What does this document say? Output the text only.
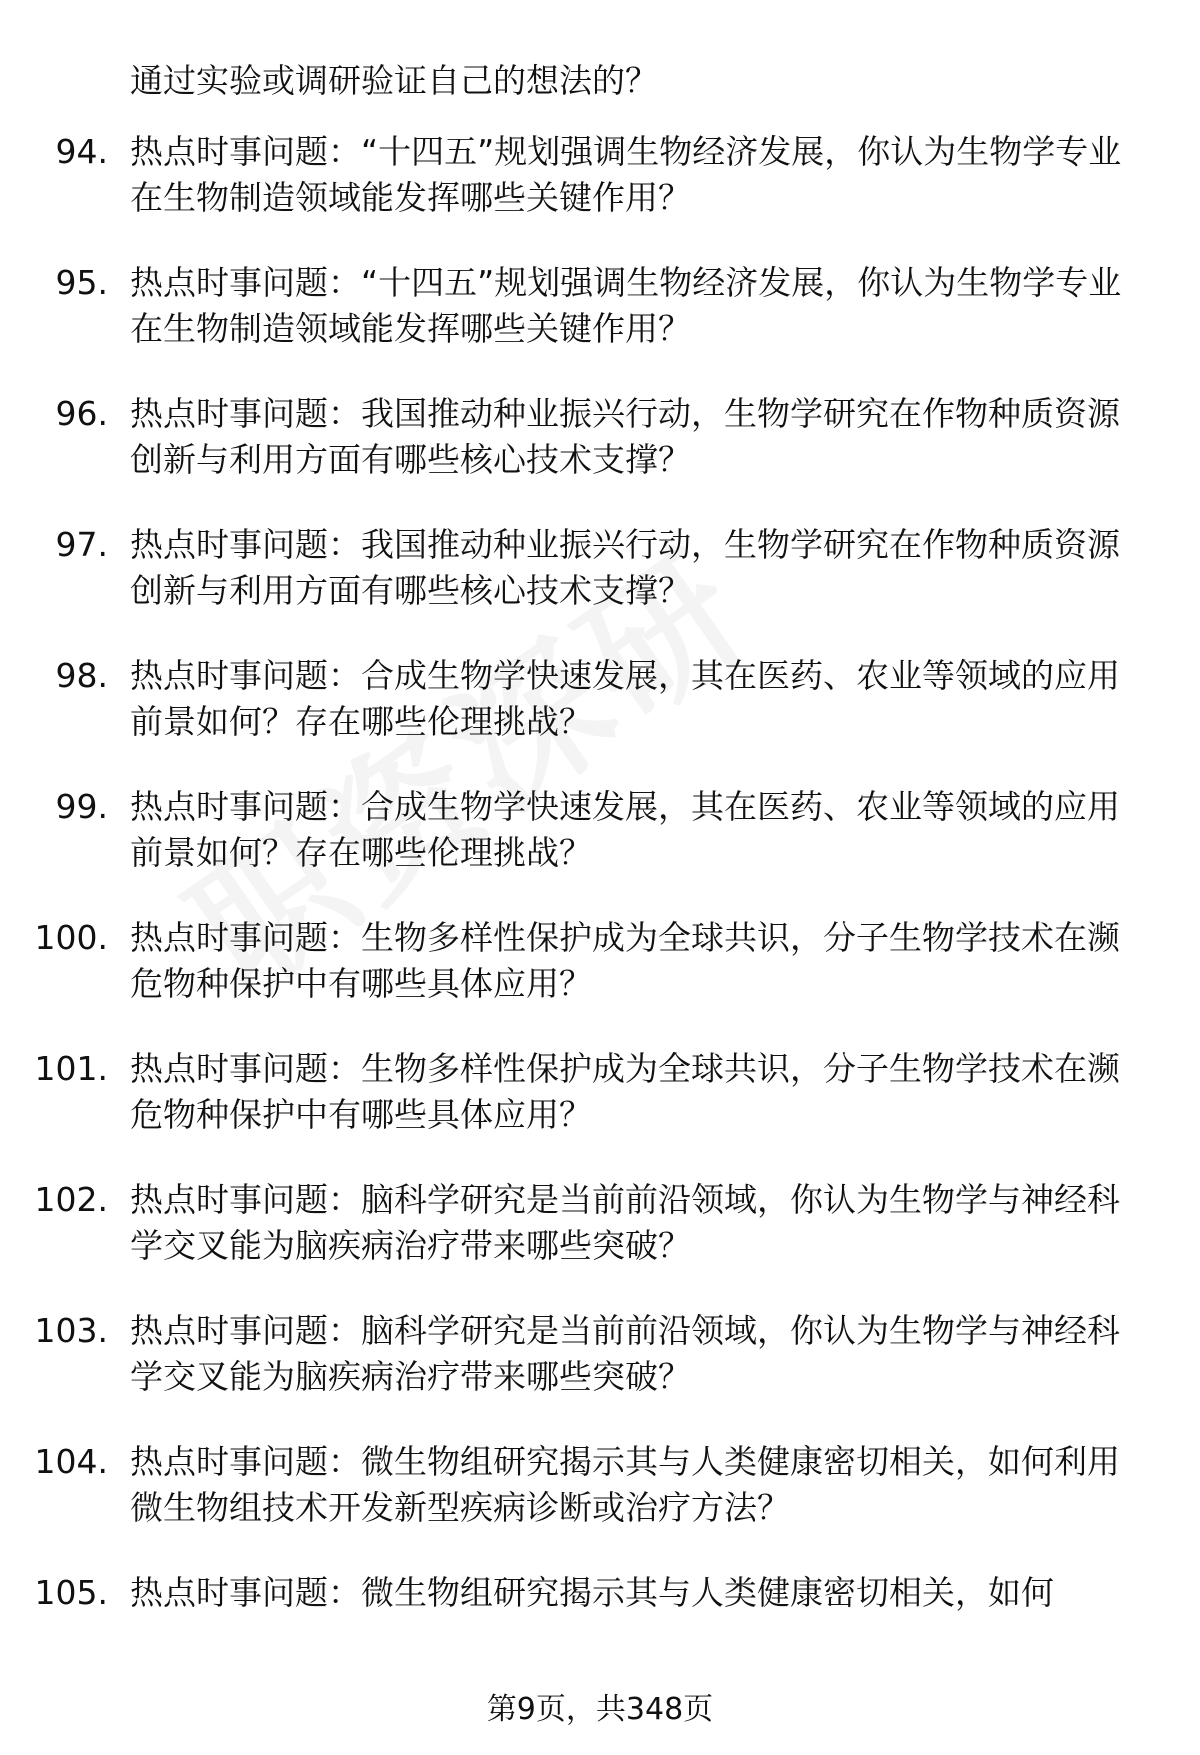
通过实验或调研验证自己的想法的？
94. 热点时事问题：“十四五”规划强调生物经济发展，你认为生物学专业在生物制造领域能发挥哪些关键作用？
95. 热点时事问题：“十四五”规划强调生物经济发展，你认为生物学专业在生物制造领域能发挥哪些关键作用？
96. 热点时事问题：我国推动种业振兴行动，生物学研究在作物种质资源创新与利用方面有哪些核心技术支撑？
97. 热点时事问题：我国推动种业振兴行动，生物学研究在作物种质资源创新与利用方面有哪些核心技术支撑？
98. 热点时事问题：合成生物学快速发展，其在医药、农业等领域的应用前景如何？存在哪些伦理挑战？
99. 热点时事问题：合成生物学快速发展，其在医药、农业等领域的应用前景如何？存在哪些伦理挑战？
100. 热点时事问题：生物多样性保护成为全球共识，分子生物学技术在濒危物种保护中有哪些具体应用？
101. 热点时事问题：生物多样性保护成为全球共识，分子生物学技术在濒危物种保护中有哪些具体应用？
102. 热点时事问题：脑科学研究是当前前沿领域，你认为生物学与神经科学交叉能为脑疾病治疗带来哪些突破？
103. 热点时事问题：脑科学研究是当前前沿领域，你认为生物学与神经科学交叉能为脑疾病治疗带来哪些突破？
104. 热点时事问题：微生物组研究揭示其与人类健康密切相关，如何利用微生物组技术开发新型疾病诊断或治疗方法？
105. 热点时事问题：微生物组研究揭示其与人类健康密切相关，如何
第9页，共348页
